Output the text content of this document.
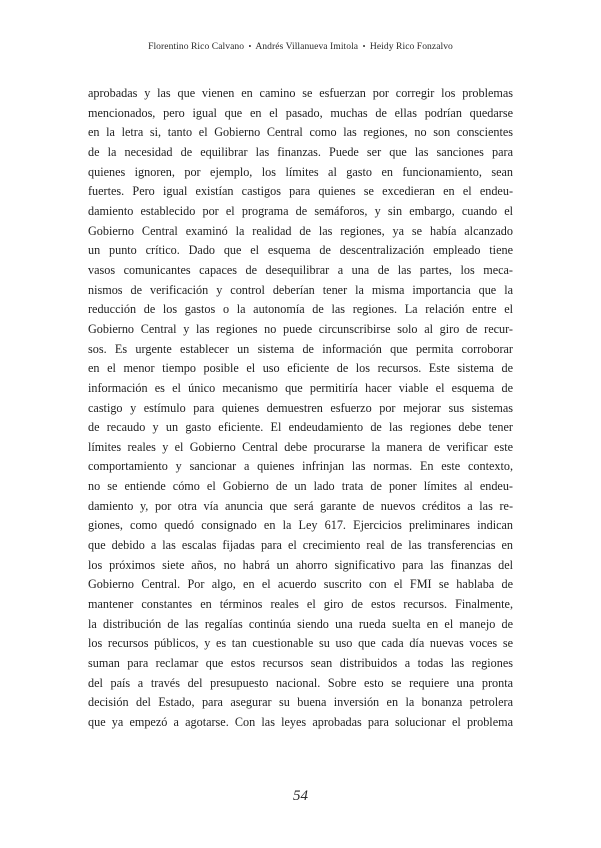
Florentino Rico Calvano • Andrés Villanueva Imitola • Heidy Rico Fonzalvo
aprobadas y las que vienen en camino se esfuerzan por corregir los problemas
mencionados, pero igual que en el pasado, muchas de ellas podrían quedarse
en la letra si, tanto el Gobierno Central como las regiones, no son conscientes
de la necesidad de equilibrar las finanzas. Puede ser que las sanciones para
quienes ignoren, por ejemplo, los límites al gasto en funcionamiento, sean
fuertes. Pero igual existían castigos para quienes se excedieran en el endeu-
damiento establecido por el programa de semáforos, y sin embargo, cuando el
Gobierno Central examinó la realidad de las regiones, ya se había alcanzado
un punto crítico. Dado que el esquema de descentralización empleado tiene
vasos comunicantes capaces de desequilibrar a una de las partes, los meca-
nismos de verificación y control deberían tener la misma importancia que la
reducción de los gastos o la autonomía de las regiones. La relación entre el
Gobierno Central y las regiones no puede circunscribirse solo al giro de recur-
sos. Es urgente establecer un sistema de información que permita corroborar
en el menor tiempo posible el uso eficiente de los recursos. Este sistema de
información es el único mecanismo que permitiría hacer viable el esquema de
castigo y estímulo para quienes demuestren esfuerzo por mejorar sus sistemas
de recaudo y un gasto eficiente. El endeudamiento de las regiones debe tener
límites reales y el Gobierno Central debe procurarse la manera de verificar este
comportamiento y sancionar a quienes infrinjan las normas. En este contexto,
no se entiende cómo el Gobierno de un lado trata de poner límites al endeu-
damiento y, por otra vía anuncia que será garante de nuevos créditos a las re-
giones, como quedó consignado en la Ley 617. Ejercicios preliminares indican
que debido a las escalas fijadas para el crecimiento real de las transferencias en
los próximos siete años, no habrá un ahorro significativo para las finanzas del
Gobierno Central. Por algo, en el acuerdo suscrito con el FMI se hablaba de
mantener constantes en términos reales el giro de estos recursos. Finalmente,
la distribución de las regalías continúa siendo una rueda suelta en el manejo de
los recursos públicos, y es tan cuestionable su uso que cada día nuevas voces se
suman para reclamar que estos recursos sean distribuidos a todas las regiones
del país a través del presupuesto nacional. Sobre esto se requiere una pronta
decisión del Estado, para asegurar su buena inversión en la bonanza petrolera
que ya empezó a agotarse. Con las leyes aprobadas para solucionar el problema
54
